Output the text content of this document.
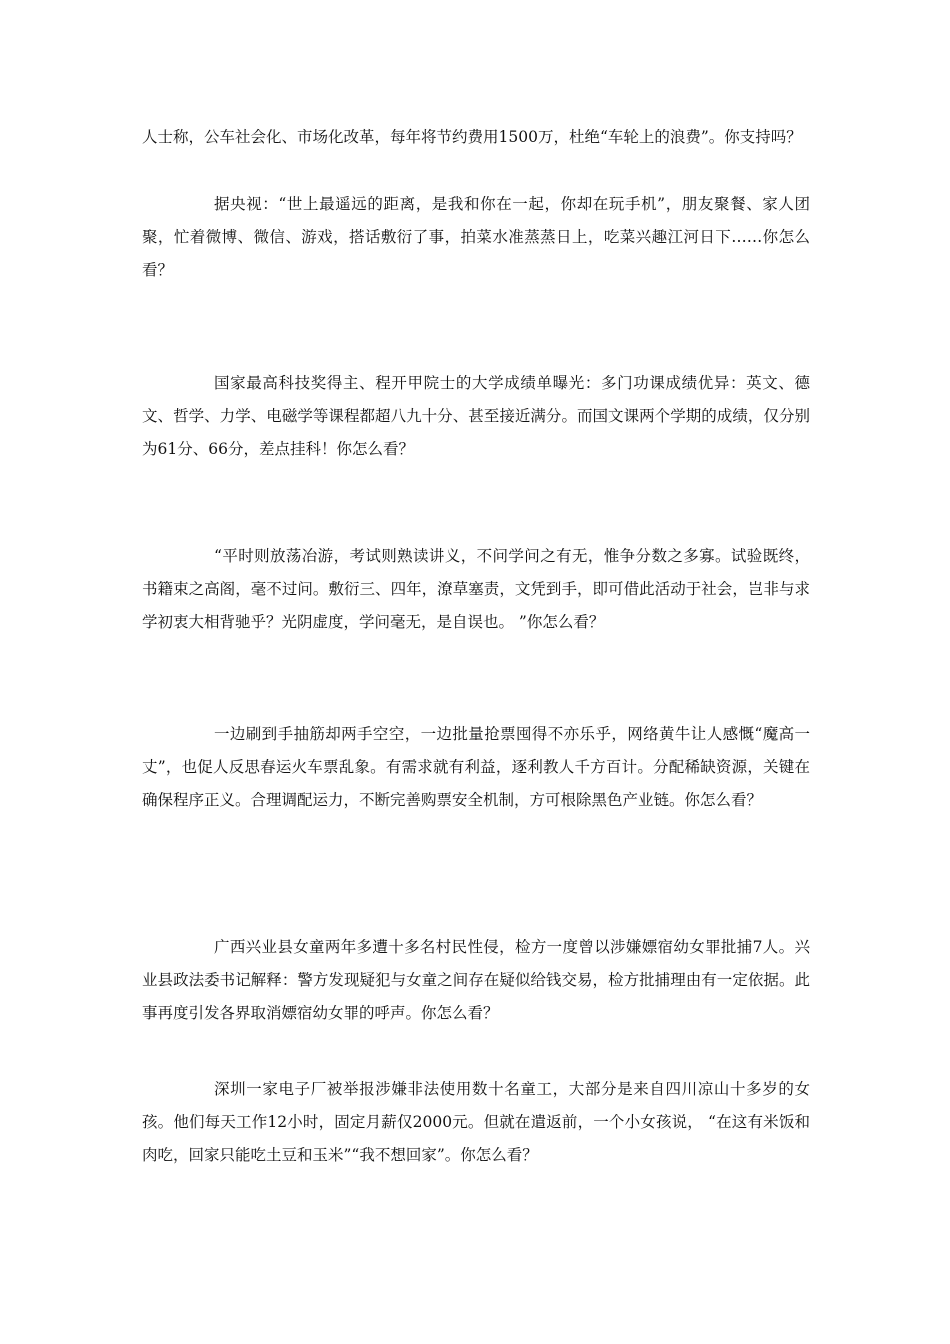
人士称，公车社会化、市场化改革，每年将节约费用1500万，杜绝“车轮上的浪费”。你支持吗？

据央视：“世上最遥远的距离，是我和你在一起，你却在玩手机”，朋友聚餐、家人团聚，忙着微博、微信、游戏，搭话敷衍了事，拍菜水准蒸蒸日上，吃菜兴趣江河日下……你怎么看？

国家最高科技奖得主、程开甲院士的大学成绩单曝光：多门功课成绩优异：英文、德文、哲学、力学、电磁学等课程都超八九十分、甚至接近满分。而国文课两个学期的成绩，仅分别为61分、66分，差点挂科！你怎么看？

“平时则放荡冶游，考试则熟读讲义，不问学问之有无，惟争分数之多寡。试验既终，书籍束之高阁，毫不过问。敷衍三、四年，潦草塞责，文凭到手，即可借此活动于社会，岂非与求学初衷大相背驰乎？光阴虚度，学问毫无，是自误也。 ”你怎么看？

一边刷到手抽筋却两手空空，一边批量抢票囤得不亦乐乎，网络黄牛让人感慨“魔高一丈”，也促人反思春运火车票乱象。有需求就有利益，逐利教人千方百计。分配稀缺资源，关键在确保程序正义。合理调配运力，不断完善购票安全机制，方可根除黑色产业链。你怎么看？

广西兴业县女童两年多遭十多名村民性侵，检方一度曾以涉嫌嫖宿幼女罪批捕7人。兴业县政法委书记解释：警方发现疑犯与女童之间存在疑似给钱交易，检方批捕理由有一定依据。此事再度引发各界取消嫖宿幼女罪的呼声。你怎么看？

深圳一家电子厂被举报涉嫌非法使用数十名童工，大部分是来自四川凉山十多岁的女孩。他们每天工作12小时，固定月薪仅2000元。但就在遣返前，一个小女孩说， “在这有米饭和肉吃，回家只能吃土豆和玉米”“我不想回家”。你怎么看？
